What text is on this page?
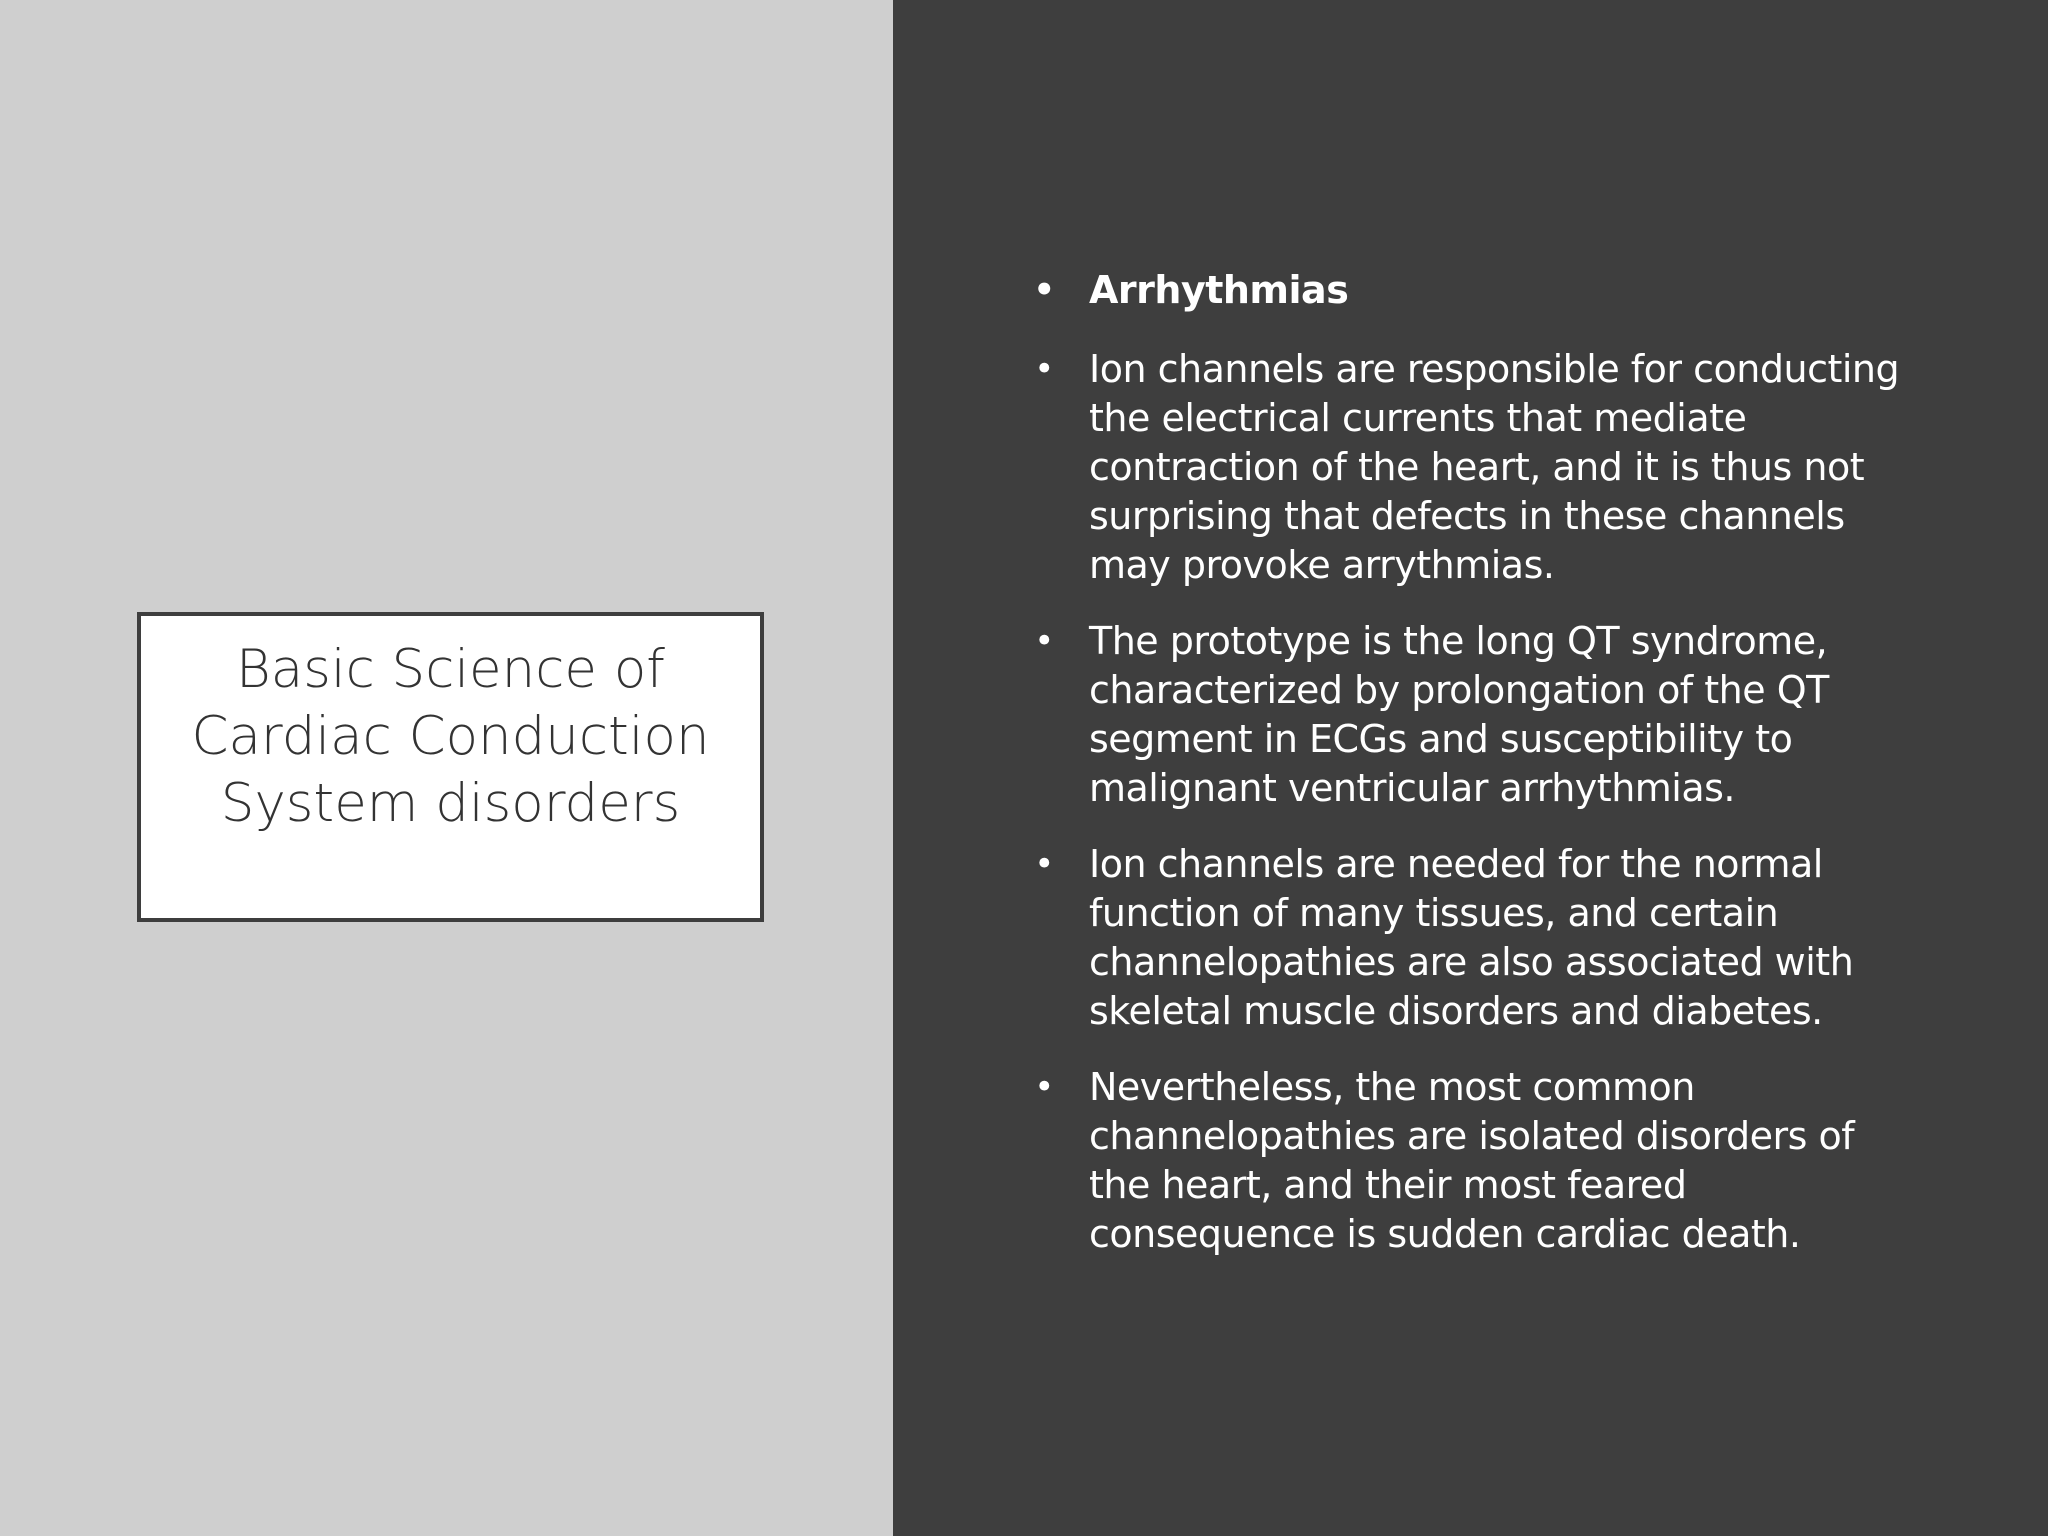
Basic Science of
Cardiac Conduction
System disorders
• Arrhythmias
• Ion channels are responsible for conducting
the electrical currents that mediate
contraction of the heart, and it is thus not
surprising that defects in these channels
may provoke arrythmias.
• The prototype is the long QT syndrome,
characterized by prolongation of the QT
segment in ECGs and susceptibility to
malignant ventricular arrhythmias.
• Ion channels are needed for the normal
function of many tissues, and certain
channelopathies are also associated with
skeletal muscle disorders and diabetes.
• Nevertheless, the most common
channelopathies are isolated disorders of
the heart, and their most feared
consequence is sudden cardiac death.
